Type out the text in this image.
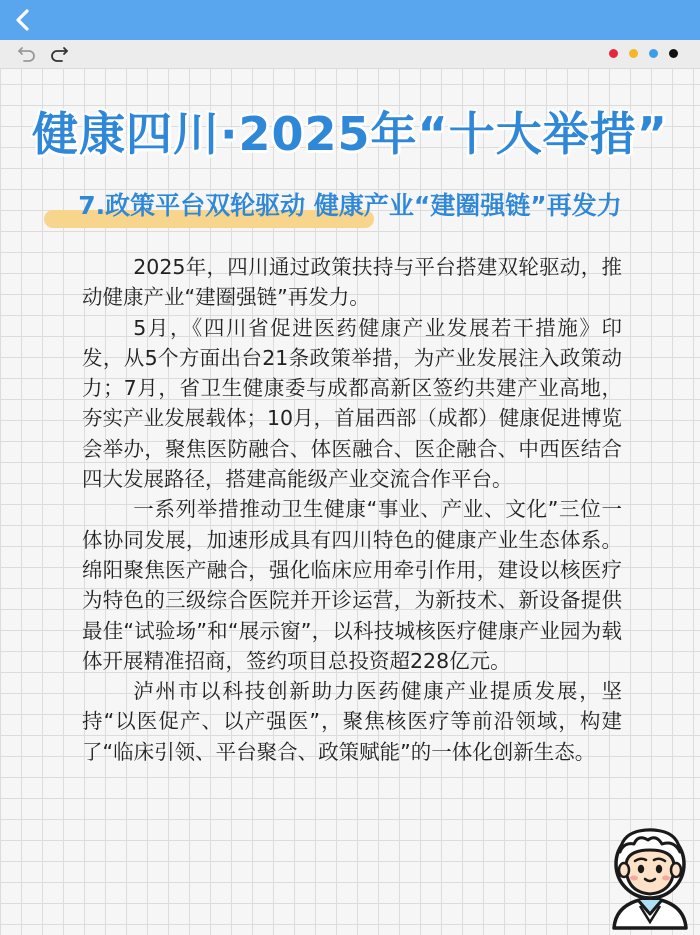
健康四川·2025年“十大举措”
7.政策平台双轮驱动 健康产业“建圈强链”再发力

2025年，四川通过政策扶持与平台搭建双轮驱动，推动健康产业“建圈强链”再发力。

5月，《四川省促进医药健康产业发展若干措施》印发，从5个方面出台21条政策举措，为产业发展注入政策动力；7月，省卫生健康委与成都高新区签约共建产业高地，夯实产业发展载体；10月，首届西部（成都）健康促进博览会举办，聚焦医防融合、体医融合、医企融合、中西医结合四大发展路径，搭建高能级产业交流合作平台。

一系列举措推动卫生健康“事业、产业、文化”三位一体协同发展，加速形成具有四川特色的健康产业生态体系。绵阳聚焦医产融合，强化临床应用牵引作用，建设以核医疗为特色的三级综合医院并开诊运营，为新技术、新设备提供最佳“试验场”和“展示窗”，以科技城核医疗健康产业园为载体开展精准招商，签约项目总投资超228亿元。

泸州市以科技创新助力医药健康产业提质发展，坚持“以医促产、以产强医”，聚焦核医疗等前沿领域，构建了“临床引领、平台聚合、政策赋能”的一体化创新生态。
